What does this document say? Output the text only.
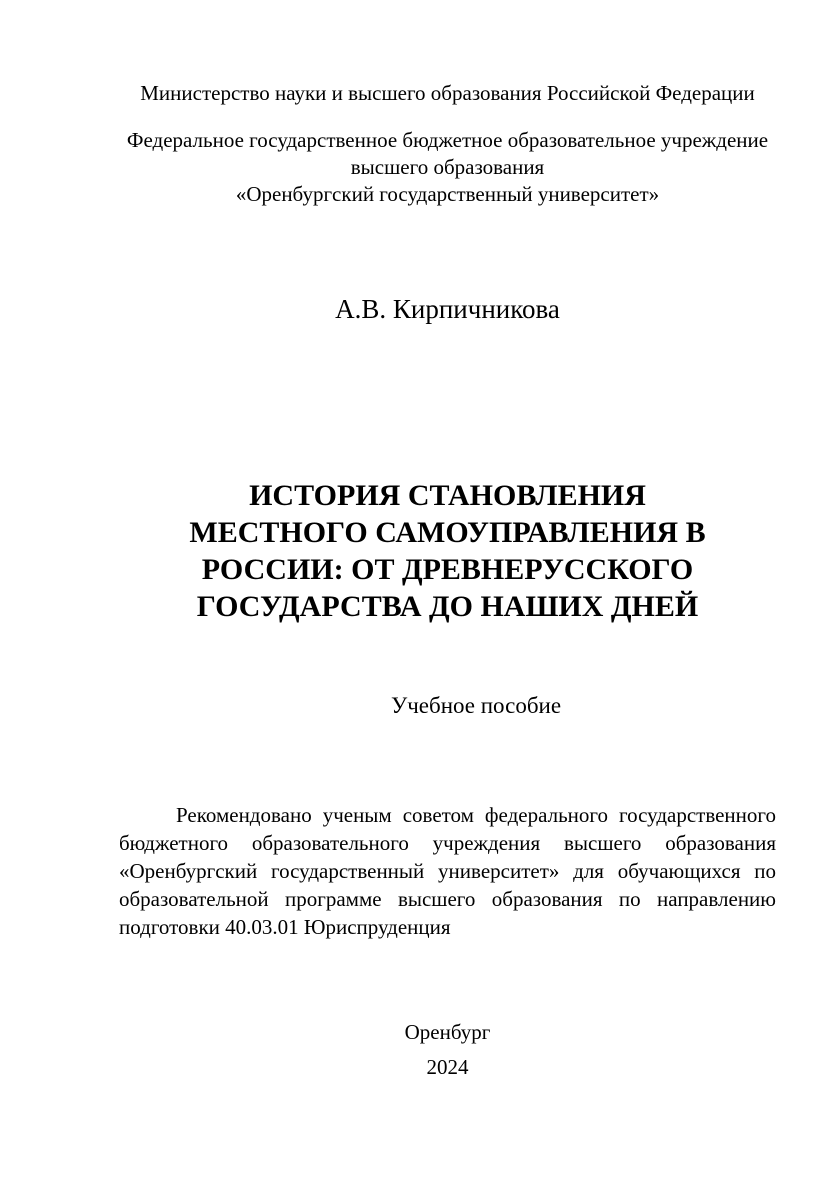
Министерство науки и высшего образования Российской Федерации
Федеральное государственное бюджетное образовательное учреждение
высшего образования
«Оренбургский государственный университет»
А.В. Кирпичникова
ИСТОРИЯ СТАНОВЛЕНИЯ
МЕСТНОГО САМОУПРАВЛЕНИЯ В
РОССИИ: ОТ ДРЕВНЕРУССКОГО
ГОСУДАРСТВА ДО НАШИХ ДНЕЙ
Учебное пособие
Рекомендовано ученым советом федерального государственного
бюджетного образовательного учреждения высшего образования
«Оренбургский государственный университет» для обучающихся по
образовательной программе высшего образования по направлению
подготовки 40.03.01 Юриспруденция
Оренбург
2024
